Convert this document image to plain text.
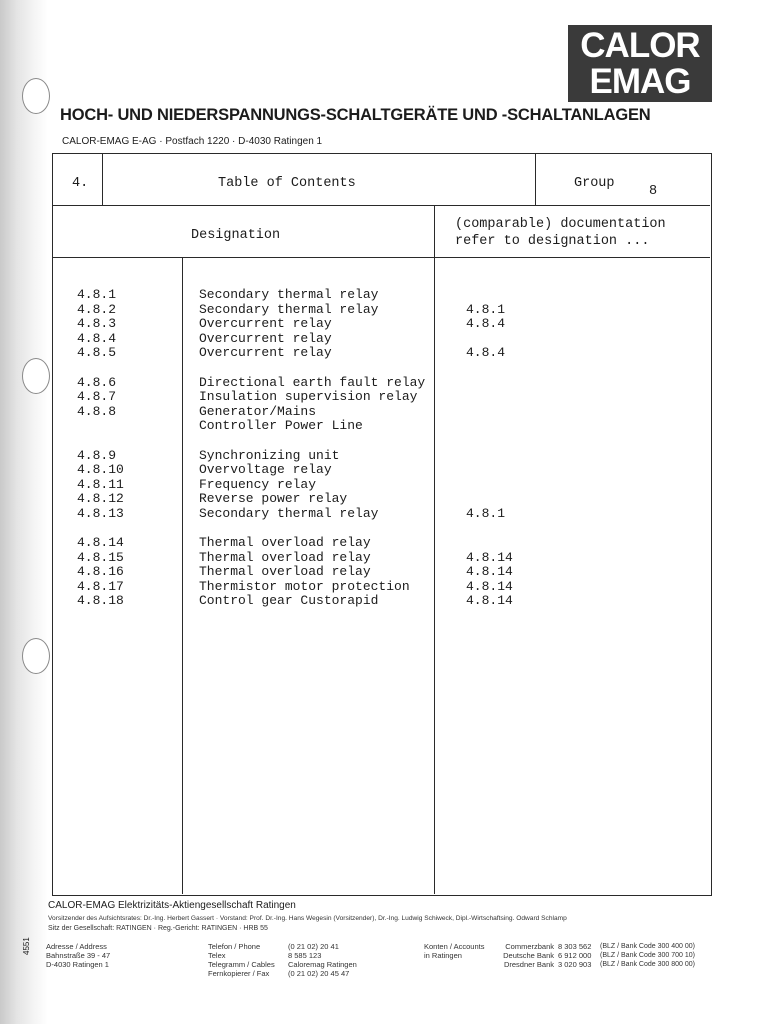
CALOR
EMAG
HOCH- UND NIEDERSPANNUNGS-SCHALTGERÄTE UND -SCHALTANLAGEN
CALOR-EMAG E-AG · Postfach 1220 · D-4030 Ratingen 1
4.	Table of Contents	Group
8
Designation
(comparable) documentation
refer to designation ...
4.8.1
4.8.2
4.8.3
4.8.4
4.8.5
4.8.6
4.8.7
4.8.8
4.8.9
4.8.10
4.8.11
4.8.12
4.8.13
4.8.14
4.8.15
4.8.16
4.8.17
4.8.18
Secondary thermal relay
Secondary thermal relay
Overcurrent relay
Overcurrent relay
Overcurrent relay
Directional earth fault relay
Insulation supervision relay
Generator/Mains
Controller Power Line
Synchronizing unit
Overvoltage relay
Frequency relay
Reverse power relay
Secondary thermal relay
Thermal overload relay
Thermal overload relay
Thermal overload relay
Thermistor motor protection
Control gear Custorapid
4.8.1
4.8.4
4.8.4
4.8.1
4.8.14
4.8.14
4.8.14
4.8.14
CALOR-EMAG Elektrizitäts-Aktiengesellschaft Ratingen
Vorsitzender des Aufsichtsrates: Dr.-Ing. Herbert Gassert · Vorstand: Prof. Dr.-Ing. Hans Wegesin (Vorsitzender), Dr.-Ing. Ludwig Schiweck, Dipl.-Wirtschaftsing. Odward Schlamp
Sitz der Gesellschaft: RATINGEN · Reg.-Gericht: RATINGEN · HRB 55
Adresse / Address
Bahnstraße 39 - 47
D-4030 Ratingen 1
Telefon / Phone
Telex
Telegramm / Cables
Fernkopierer / Fax
(0 21 02) 20 41
8 585 123
Caloremag Ratingen
(0 21 02) 20 45 47
Konten / Accounts
in Ratingen
Commerzbank
Deutsche Bank
Dresdner Bank
8 303 562
6 912 000
3 020 903
(BLZ / Bank Code 300 400 00)
(BLZ / Bank Code 300 700 10)
(BLZ / Bank Code 300 800 00)
4551
